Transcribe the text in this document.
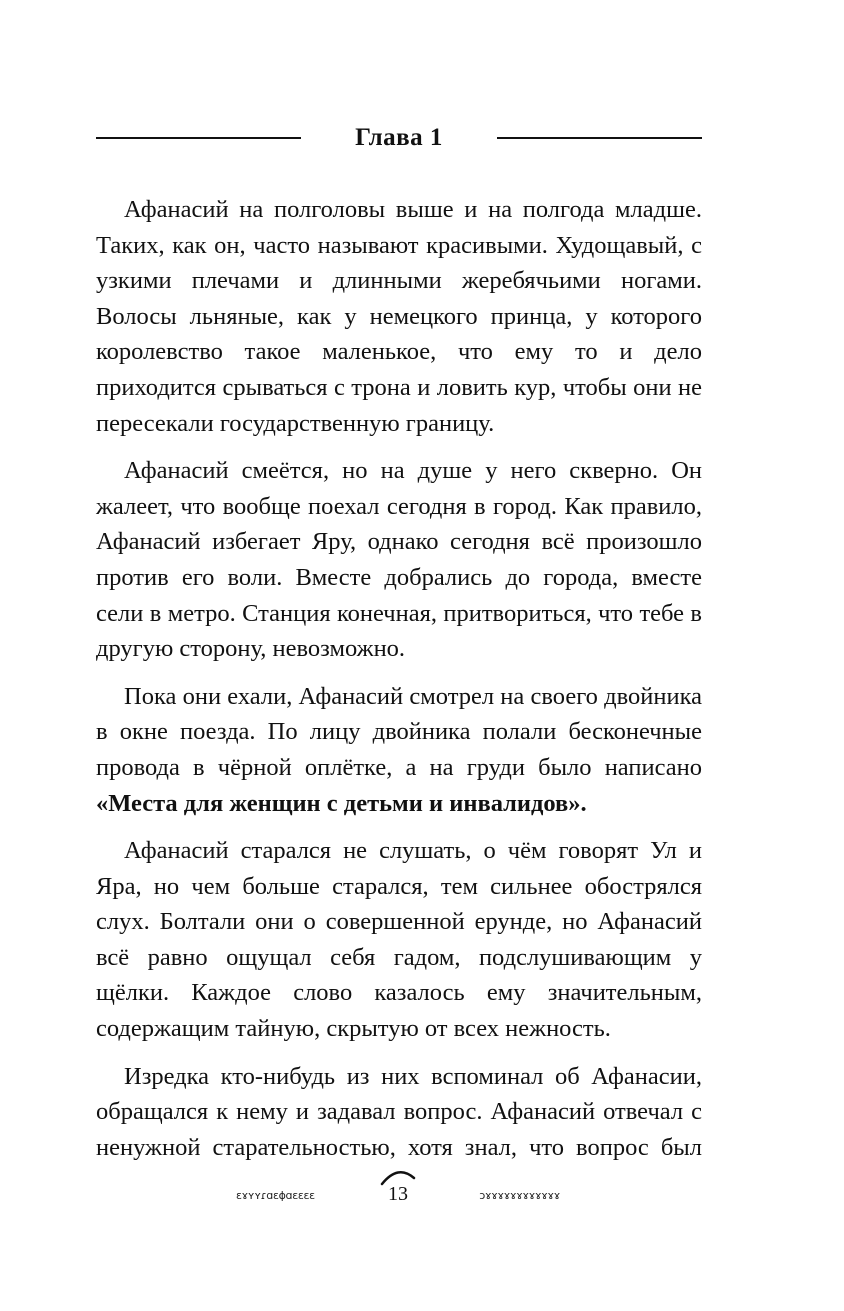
Глава 1

Афанасий на полголовы выше и на полгода младше. Таких, как он, часто называют красивыми. Худощавый, с узкими плечами и длинными жеребячьими ногами. Волосы льняные, как у немецкого принца, у которого королевство такое маленькое, что ему то и дело приходится срываться с трона и ловить кур, чтобы они не пересекали государственную границу.

Афанасий смеётся, но на душе у него скверно. Он жалеет, что вообще поехал сегодня в город. Как правило, Афанасий избегает Яру, однако сегодня всё произошло против его воли. Вместе добрались до города, вместе сели в метро. Станция конечная, притвориться, что тебе в другую сторону, невозможно.

Пока они ехали, Афанасий смотрел на своего двойника в окне поезда. По лицу двойника полали бесконечные провода в чёрной оплётке, а на груди было написано «Места для женщин с детьми и инвалидов».

Афанасий старался не слушать, о чём говорят Ул и Яра, но чем больше старался, тем сильнее обострялся слух. Болтали они о совершенной ерунде, но Афанасий всё равно ощущал себя гадом, подслушивающим у щёлки. Каждое слово казалось ему значительным, содержащим тайную, скрытую от всех нежность.

Изредка кто-нибудь из них вспоминал об Афанасии, обращался к нему и задавал вопрос. Афанасий отвечал с ненужной старательностью, хотя знал, что вопрос был

ɛɤʏʏɾɑɛɸɑɛɛɛɛ	13	ɔɤɤɤɤɤɤɤɤɤɤɤɤ
